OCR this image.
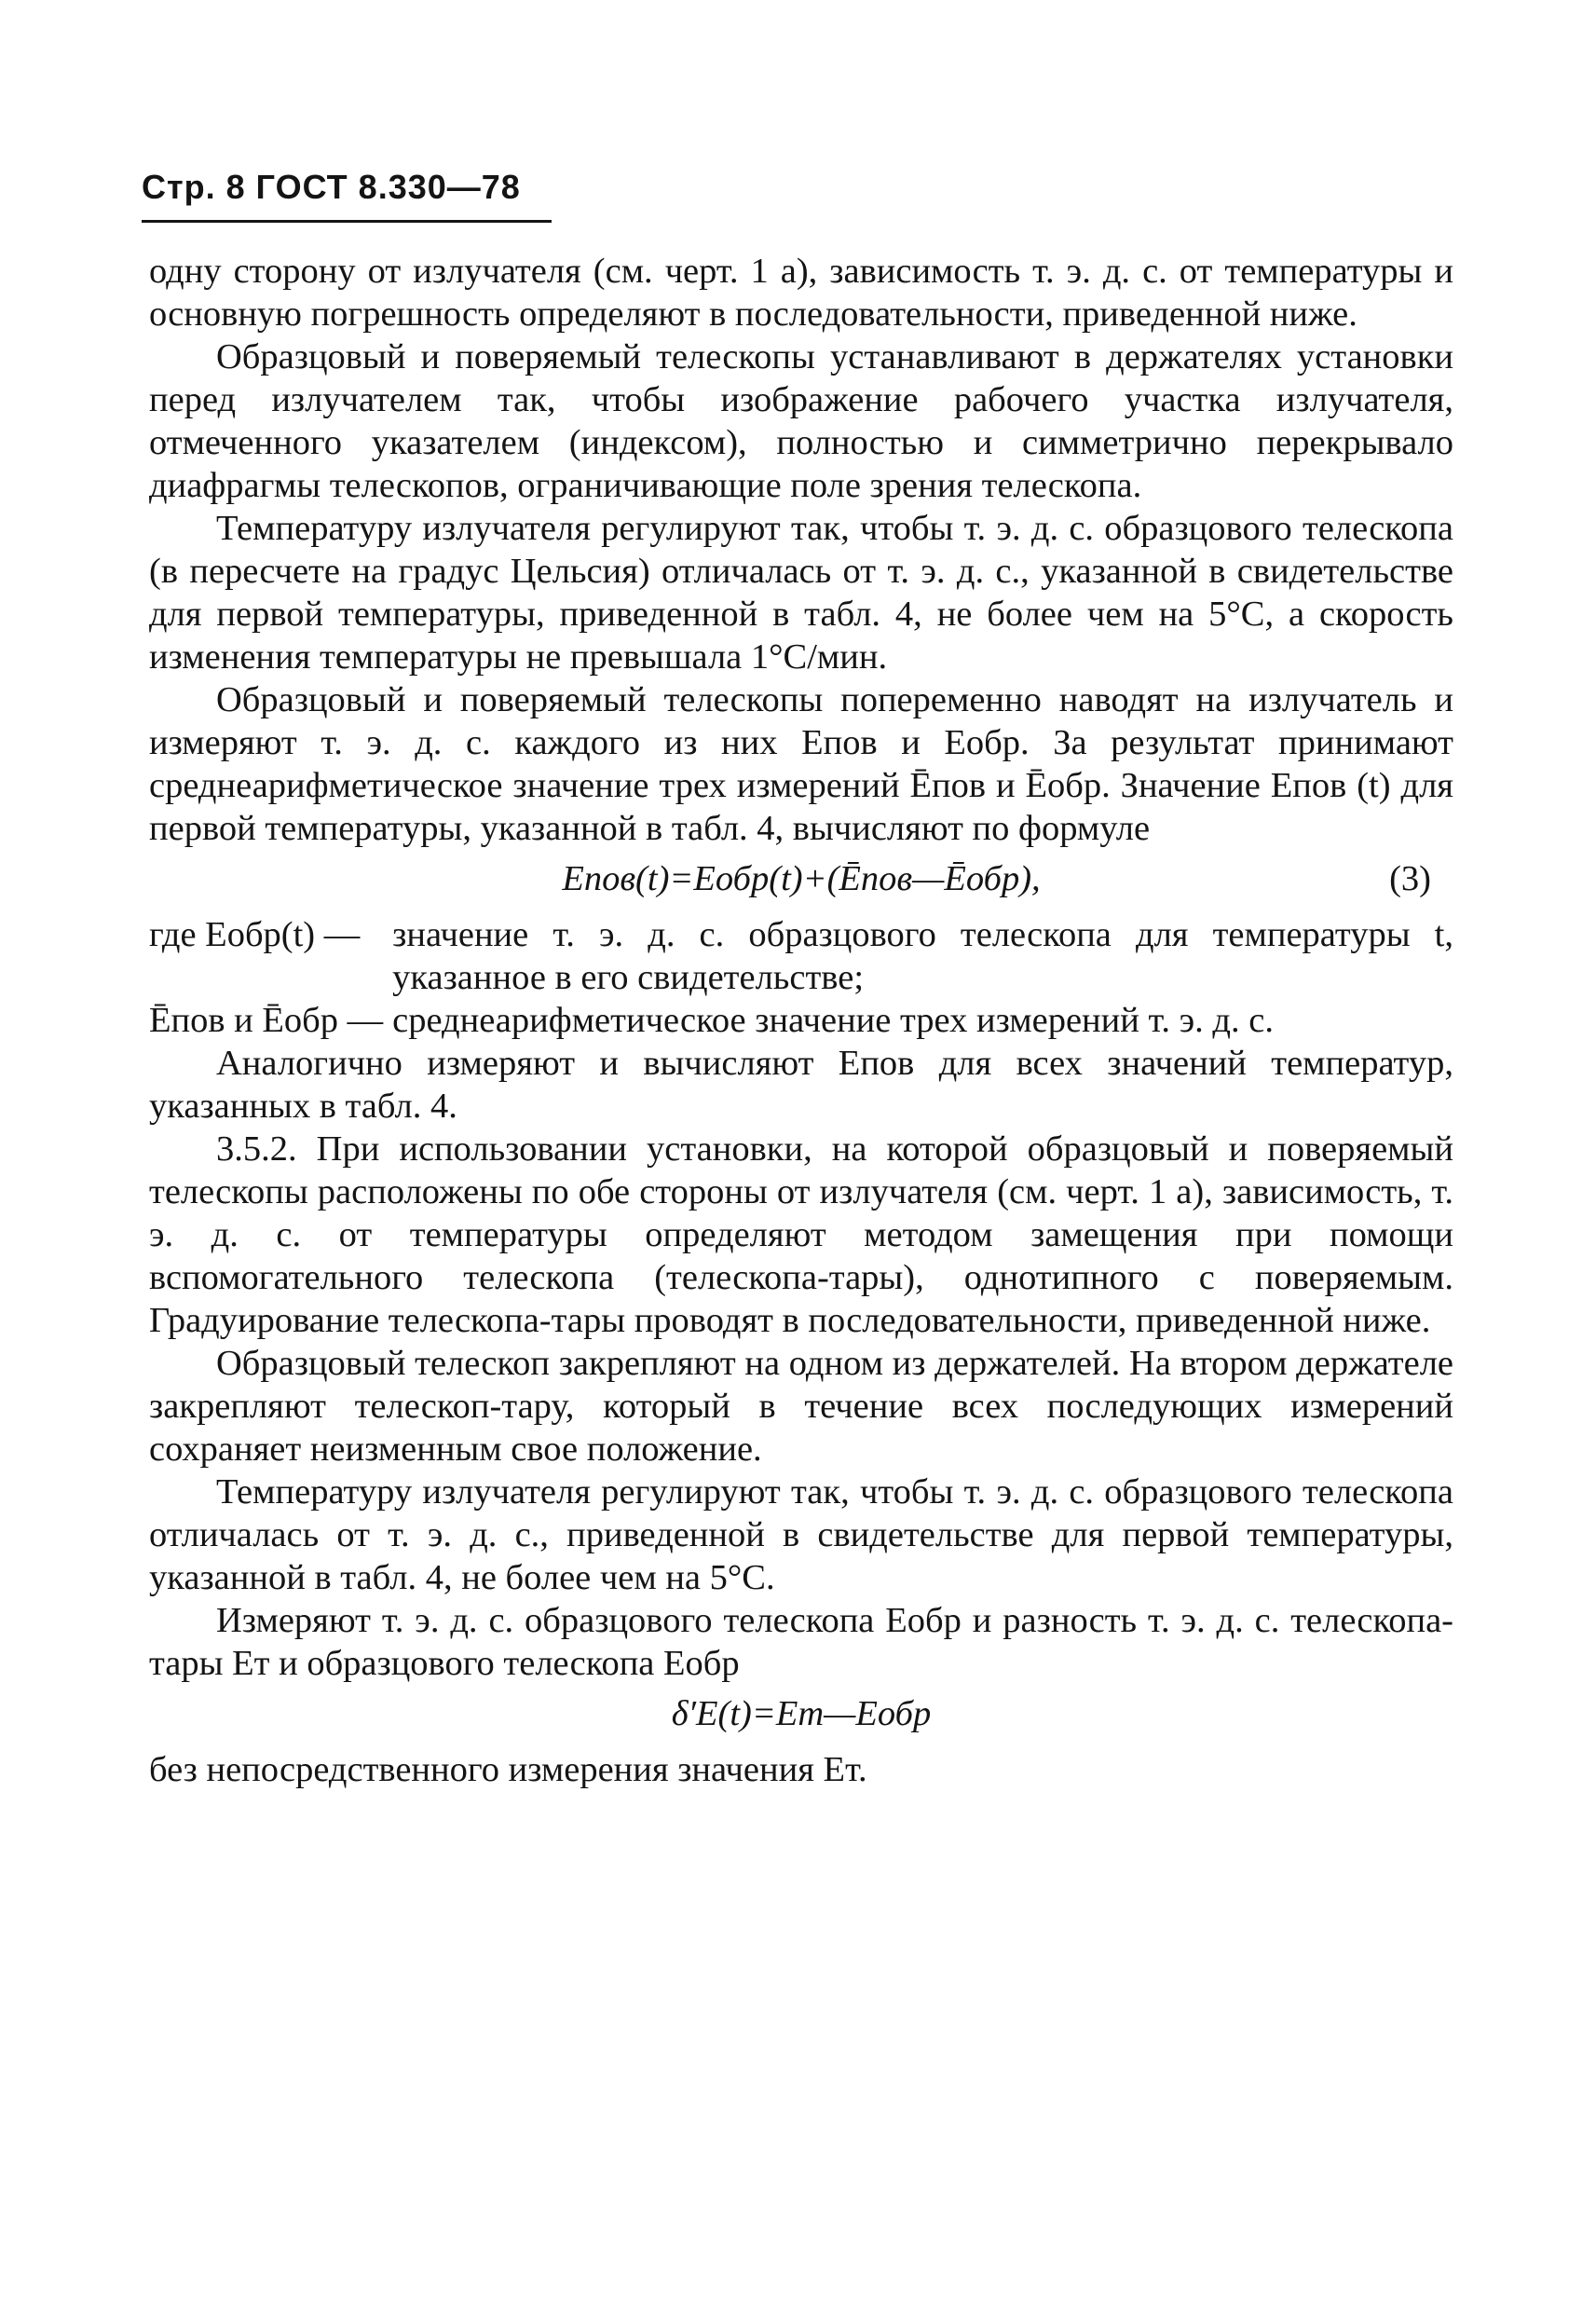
Стр. 8 ГОСТ 8.330—78

одну сторону от излучателя (см. черт. 1 а), зависимость т. э. д. с. от температуры и основную погрешность определяют в последовательности, приведенной ниже.

Образцовый и поверяемый телескопы устанавливают в держателях установки перед излучателем так, чтобы изображение рабочего участка излучателя, отмеченного указателем (индексом), полностью и симметрично перекрывало диафрагмы телескопов, ограничивающие поле зрения телескопа.

Температуру излучателя регулируют так, чтобы т. э. д. с. образцового телескопа (в пересчете на градус Цельсия) отличалась от т. э. д. с., указанной в свидетельстве для первой температуры, приведенной в табл. 4, не более чем на 5°С, а скорость изменения температуры не превышала 1°С/мин.

Образцовый и поверяемый телескопы попеременно наводят на излучатель и измеряют т. э. д. с. каждого из них Eпов и Eобр. За результат принимают среднеарифметическое значение трех измерений Ēпов и Ēобр. Значение Eпов (t) для первой температуры, указанной в табл. 4, вычисляют по формуле

Eпов(t)=Eобр(t)+(Ēпов—Ēобр),	(3)
где Eобр(t) —	значение т. э. д. с. образцового телескопа для температуры t, указанное в его свидетельстве;
Ēпов и Ēобр —	среднеарифметическое значение трех измерений т. э. д. с.

Аналогично измеряют и вычисляют Eпов для всех значений температур, указанных в табл. 4.

3.5.2. При использовании установки, на которой образцовый и поверяемый телескопы расположены по обе стороны от излучателя (см. черт. 1 а), зависимость, т. э. д. с. от температуры определяют методом замещения при помощи вспомогательного телескопа (телескопа-тары), однотипного с поверяемым. Градуирование телескопа-тары проводят в последовательности, приведенной ниже.

Образцовый телескоп закрепляют на одном из держателей. На втором держателе закрепляют телескоп-тару, который в течение всех последующих измерений сохраняет неизменным свое положение.

Температуру излучателя регулируют так, чтобы т. э. д. с. образцового телескопа отличалась от т. э. д. с., приведенной в свидетельстве для первой температуры, указанной в табл. 4, не более чем на 5°С.

Измеряют т. э. д. с. образцового телескопа Eобр и разность т. э. д. с. телескопа-тары Eт и образцового телескопа Eобр

δ′E(t)=Eт—Eобр

без непосредственного измерения значения Eт.
